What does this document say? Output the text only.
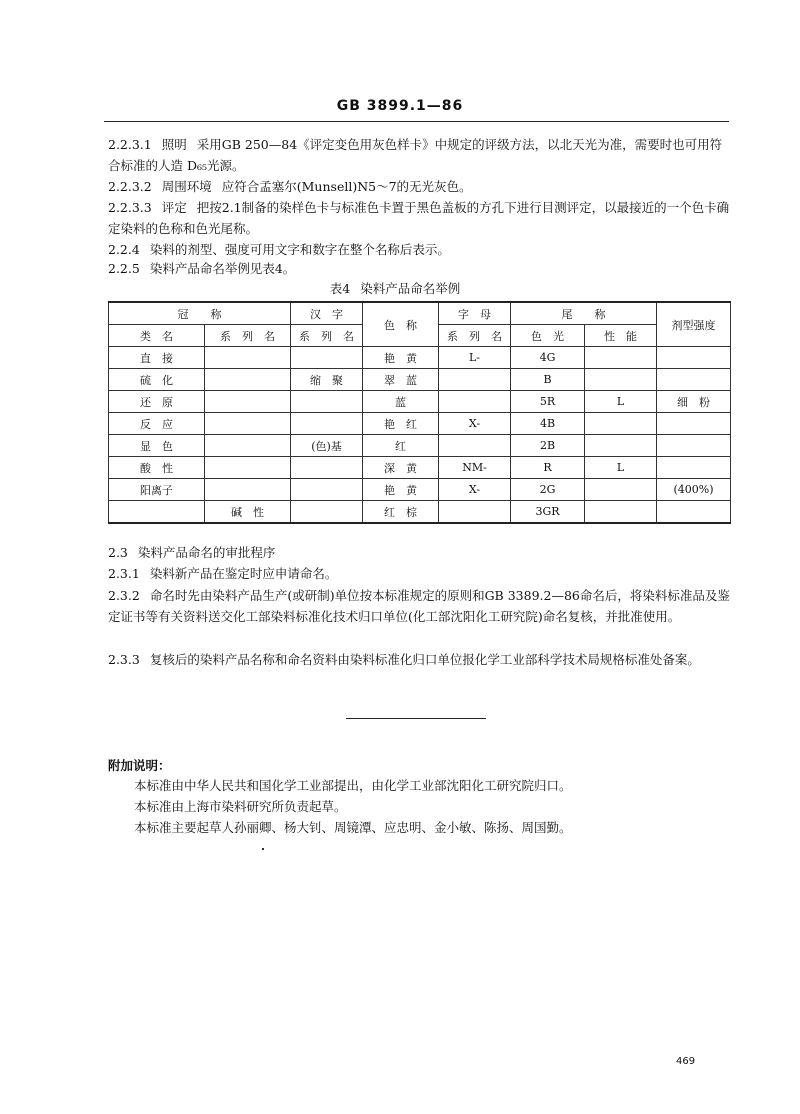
GB 3899.1—86
2.2.3.1 照明 采用GB 250—84《评定变色用灰色样卡》中规定的评级方法，以北天光为准，需要时也可用符合标准的人造 D₆₅光源。
2.2.3.2 周围环境 应符合孟塞尔(Munsell)N5～7的无光灰色。
2.2.3.3 评定 把按2.1制备的染样色卡与标准色卡置于黑色盖板的方孔下进行目测评定，以最接近的一个色卡确定染料的色称和色光尾称。
2.2.4 染料的剂型、强度可用文字和数字在整个名称后表示。
2.2.5 染料产品命名举例见表4。
表4 染料产品命名举例
冠　　称		汉　字	色　称	字　母	尾　　称		剂型强度
类　名	系　列　名	系　列　名		系　列　名	色　光	性　能	
直　接			艳　黄	L-	4G		
硫　化		缩　聚	翠　蓝		B		
还　原			蓝		5R	L	细　粉
反　应			艳　红	X-	4B		
显　色		(色)基	红		2B		
酸　性			深　黄	NM-	R	L	
阳离子			艳　黄	X-	2G		(400%)
	碱　性		红　棕		3GR		
2.3 染料产品命名的审批程序
2.3.1 染料新产品在鉴定时应申请命名。
2.3.2 命名时先由染料产品生产(或研制)单位按本标准规定的原则和GB 3389.2—86命名后，将染料标准品及鉴定证书等有关资料送交化工部染料标准化技术归口单位(化工部沈阳化工研究院)命名复核，并批准使用。
2.3.3 复核后的染料产品名称和命名资料由染料标准化归口单位报化学工业部科学技术局规格标准处备案。
附加说明：
本标准由中华人民共和国化学工业部提出，由化学工业部沈阳化工研究院归口。
本标准由上海市染料研究所负责起草。
本标准主要起草人孙丽卿、杨大钊、周镜潭、应忠明、金小敏、陈扬、周国勤。
469
